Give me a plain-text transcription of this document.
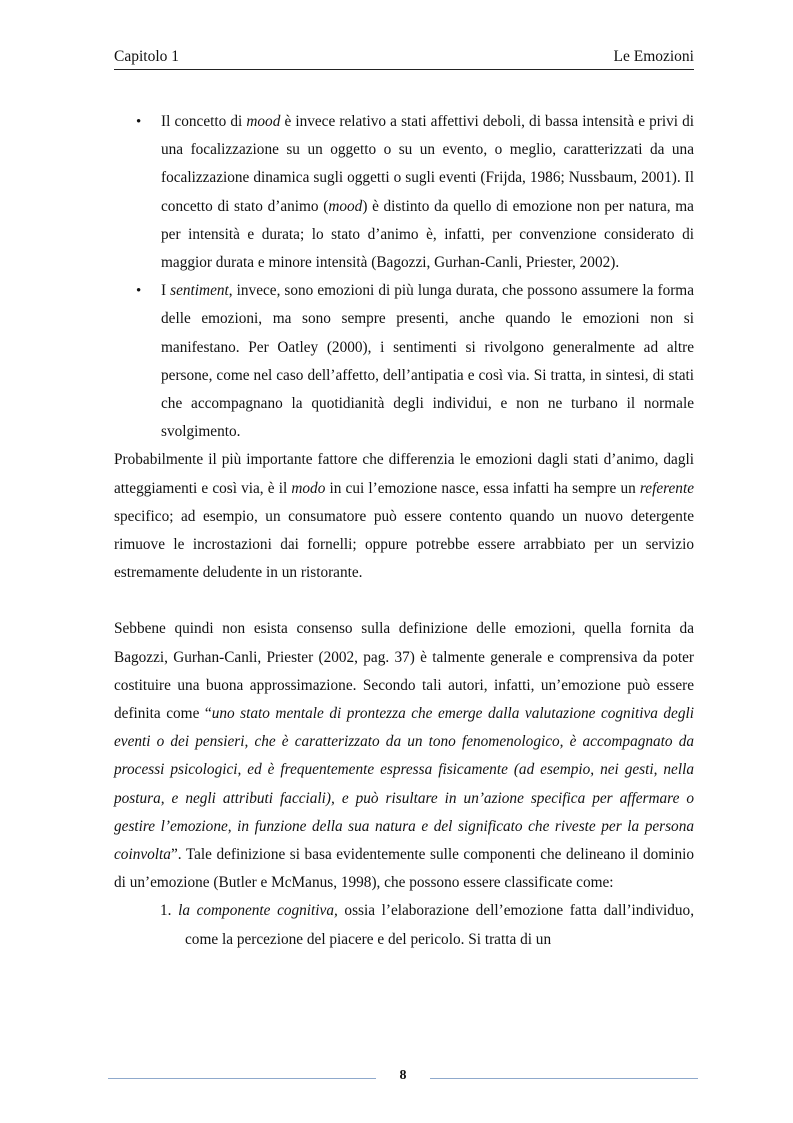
Capitolo 1	Le Emozioni
• Il concetto di mood è invece relativo a stati affettivi deboli, di bassa intensità e privi di una focalizzazione su un oggetto o su un evento, o meglio, caratterizzati da una focalizzazione dinamica sugli oggetti o sugli eventi (Frijda, 1986; Nussbaum, 2001). Il concetto di stato d’animo (mood) è distinto da quello di emozione non per natura, ma per intensità e durata; lo stato d’animo è, infatti, per convenzione considerato di maggior durata e minore intensità (Bagozzi, Gurhan-Canli, Priester, 2002).
• I sentiment, invece, sono emozioni di più lunga durata, che possono assumere la forma delle emozioni, ma sono sempre presenti, anche quando le emozioni non si manifestano. Per Oatley (2000), i sentimenti si rivolgono generalmente ad altre persone, come nel caso dell’affetto, dell’antipatia e così via. Si tratta, in sintesi, di stati che accompagnano la quotidianità degli individui, e non ne turbano il normale svolgimento.

Probabilmente il più importante fattore che differenzia le emozioni dagli stati d’animo, dagli atteggiamenti e così via, è il modo in cui l’emozione nasce, essa infatti ha sempre un referente specifico; ad esempio, un consumatore può essere contento quando un nuovo detergente rimuove le incrostazioni dai fornelli; oppure potrebbe essere arrabbiato per un servizio estremamente deludente in un ristorante.

Sebbene quindi non esista consenso sulla definizione delle emozioni, quella fornita da Bagozzi, Gurhan-Canli, Priester (2002, pag. 37) è talmente generale e comprensiva da poter costituire una buona approssimazione. Secondo tali autori, infatti, un’emozione può essere definita come “uno stato mentale di prontezza che emerge dalla valutazione cognitiva degli eventi o dei pensieri, che è caratterizzato da un tono fenomenologico, è accompagnato da processi psicologici, ed è frequentemente espressa fisicamente (ad esempio, nei gesti, nella postura, e negli attributi facciali), e può risultare in un’azione specifica per affermare o gestire l’emozione, in funzione della sua natura e del significato che riveste per la persona coinvolta”. Tale definizione si basa evidentemente sulle componenti che delineano il dominio di un’emozione (Butler e McManus, 1998), che possono essere classificate come:

1. la componente cognitiva, ossia l’elaborazione dell’emozione fatta dall’individuo, come la percezione del piacere e del pericolo. Si tratta di un
8
